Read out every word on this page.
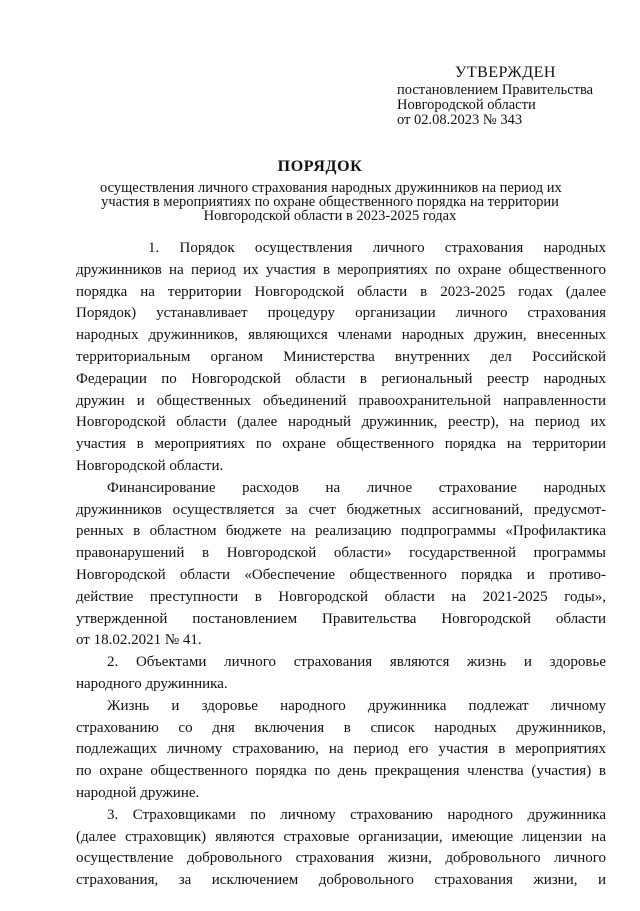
УТВЕРЖДЕН
постановлением Правительства
Новгородской области
от 02.08.2023 № 343
ПОРЯДОК
осуществления личного страхования народных дружинников на период их
участия в мероприятиях по охране общественного порядка на территории
Новгородской области в 2023-2025 годах
1. Порядок осуществления личного страхования народных
дружинников на период их участия в мероприятиях по охране общественного
порядка на территории Новгородской области в 2023-2025 годах (далее
Порядок) устанавливает процедуру организации личного страхования
народных дружинников, являющихся членами народных дружин, внесенных
территориальным органом Министерства внутренних дел Российской
Федерации по Новгородской области в региональный реестр народных
дружин и общественных объединений правоохранительной направленности
Новгородской области (далее народный дружинник, реестр), на период их
участия в мероприятиях по охране общественного порядка на территории
Новгородской области.
Финансирование расходов на личное страхование народных
дружинников осуществляется за счет бюджетных ассигнований, предусмот-
ренных в областном бюджете на реализацию подпрограммы «Профилактика
правонарушений в Новгородской области» государственной программы
Новгородской области «Обеспечение общественного порядка и противо-
действие преступности в Новгородской области на 2021-2025 годы»,
утвержденной постановлением Правительства Новгородской области
от 18.02.2021 № 41.
2. Объектами личного страхования являются жизнь и здоровье
народного дружинника.
Жизнь и здоровье народного дружинника подлежат личному
страхованию со дня включения в список народных дружинников,
подлежащих личному страхованию, на период его участия в мероприятиях
по охране общественного порядка по день прекращения членства (участия) в
народной дружине.
3. Страховщиками по личному страхованию народного дружинника
(далее страховщик) являются страховые организации, имеющие лицензии на
осуществление добровольного страхования жизни, добровольного личного
страхования, за исключением добровольного страхования жизни, и
